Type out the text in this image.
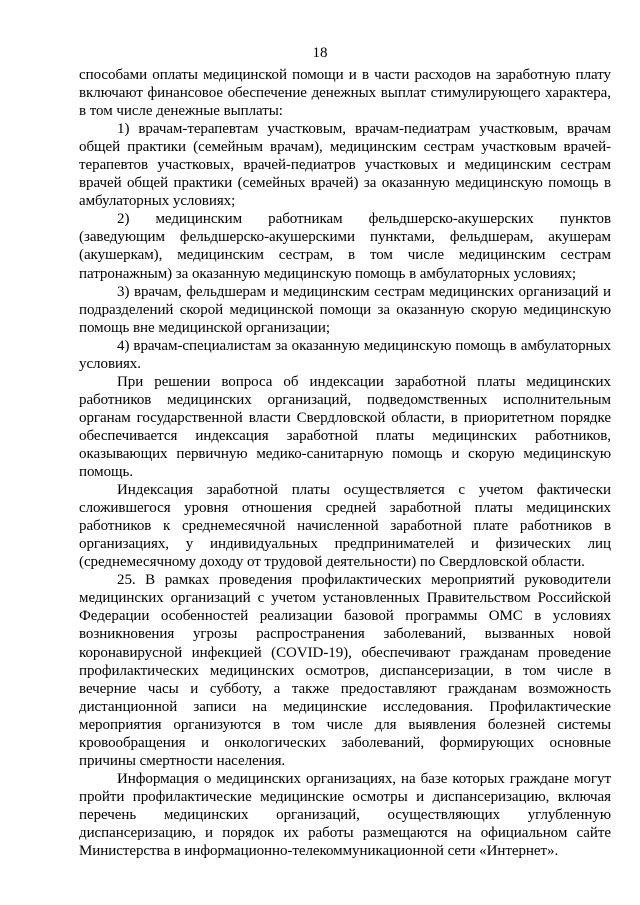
18

способами оплаты медицинской помощи и в части расходов на заработную плату включают финансовое обеспечение денежных выплат стимулирующего характера, в том числе денежные выплаты:

1) врачам-терапевтам участковым, врачам-педиатрам участковым, врачам общей практики (семейным врачам), медицинским сестрам участковым врачей-терапевтов участковых, врачей-педиатров участковых и медицинским сестрам врачей общей практики (семейных врачей) за оказанную медицинскую помощь в амбулаторных условиях;

2) медицинским работникам фельдшерско-акушерских пунктов (заведующим фельдшерско-акушерскими пунктами, фельдшерам, акушерам (акушеркам), медицинским сестрам, в том числе медицинским сестрам патронажным) за оказанную медицинскую помощь в амбулаторных условиях;

3) врачам, фельдшерам и медицинским сестрам медицинских организаций и подразделений скорой медицинской помощи за оказанную скорую медицинскую помощь вне медицинской организации;

4) врачам-специалистам за оказанную медицинскую помощь в амбулаторных условиях.

При решении вопроса об индексации заработной платы медицинских работников медицинских организаций, подведомственных исполнительным органам государственной власти Свердловской области, в приоритетном порядке обеспечивается индексация заработной платы медицинских работников, оказывающих первичную медико-санитарную помощь и скорую медицинскую помощь.

Индексация заработной платы осуществляется с учетом фактически сложившегося уровня отношения средней заработной платы медицинских работников к среднемесячной начисленной заработной плате работников в организациях, у индивидуальных предпринимателей и физических лиц (среднемесячному доходу от трудовой деятельности) по Свердловской области.

25. В рамках проведения профилактических мероприятий руководители медицинских организаций с учетом установленных Правительством Российской Федерации особенностей реализации базовой программы ОМС в условиях возникновения угрозы распространения заболеваний, вызванных новой коронавирусной инфекцией (COVID-19), обеспечивают гражданам проведение профилактических медицинских осмотров, диспансеризации, в том числе в вечерние часы и субботу, а также предоставляют гражданам возможность дистанционной записи на медицинские исследования. Профилактические мероприятия организуются в том числе для выявления болезней системы кровообращения и онкологических заболеваний, формирующих основные причины смертности населения.

Информация о медицинских организациях, на базе которых граждане могут пройти профилактические медицинские осмотры и диспансеризацию, включая перечень медицинских организаций, осуществляющих углубленную диспансеризацию, и порядок их работы размещаются на официальном сайте Министерства в информационно-телекоммуникационной сети «Интернет».
